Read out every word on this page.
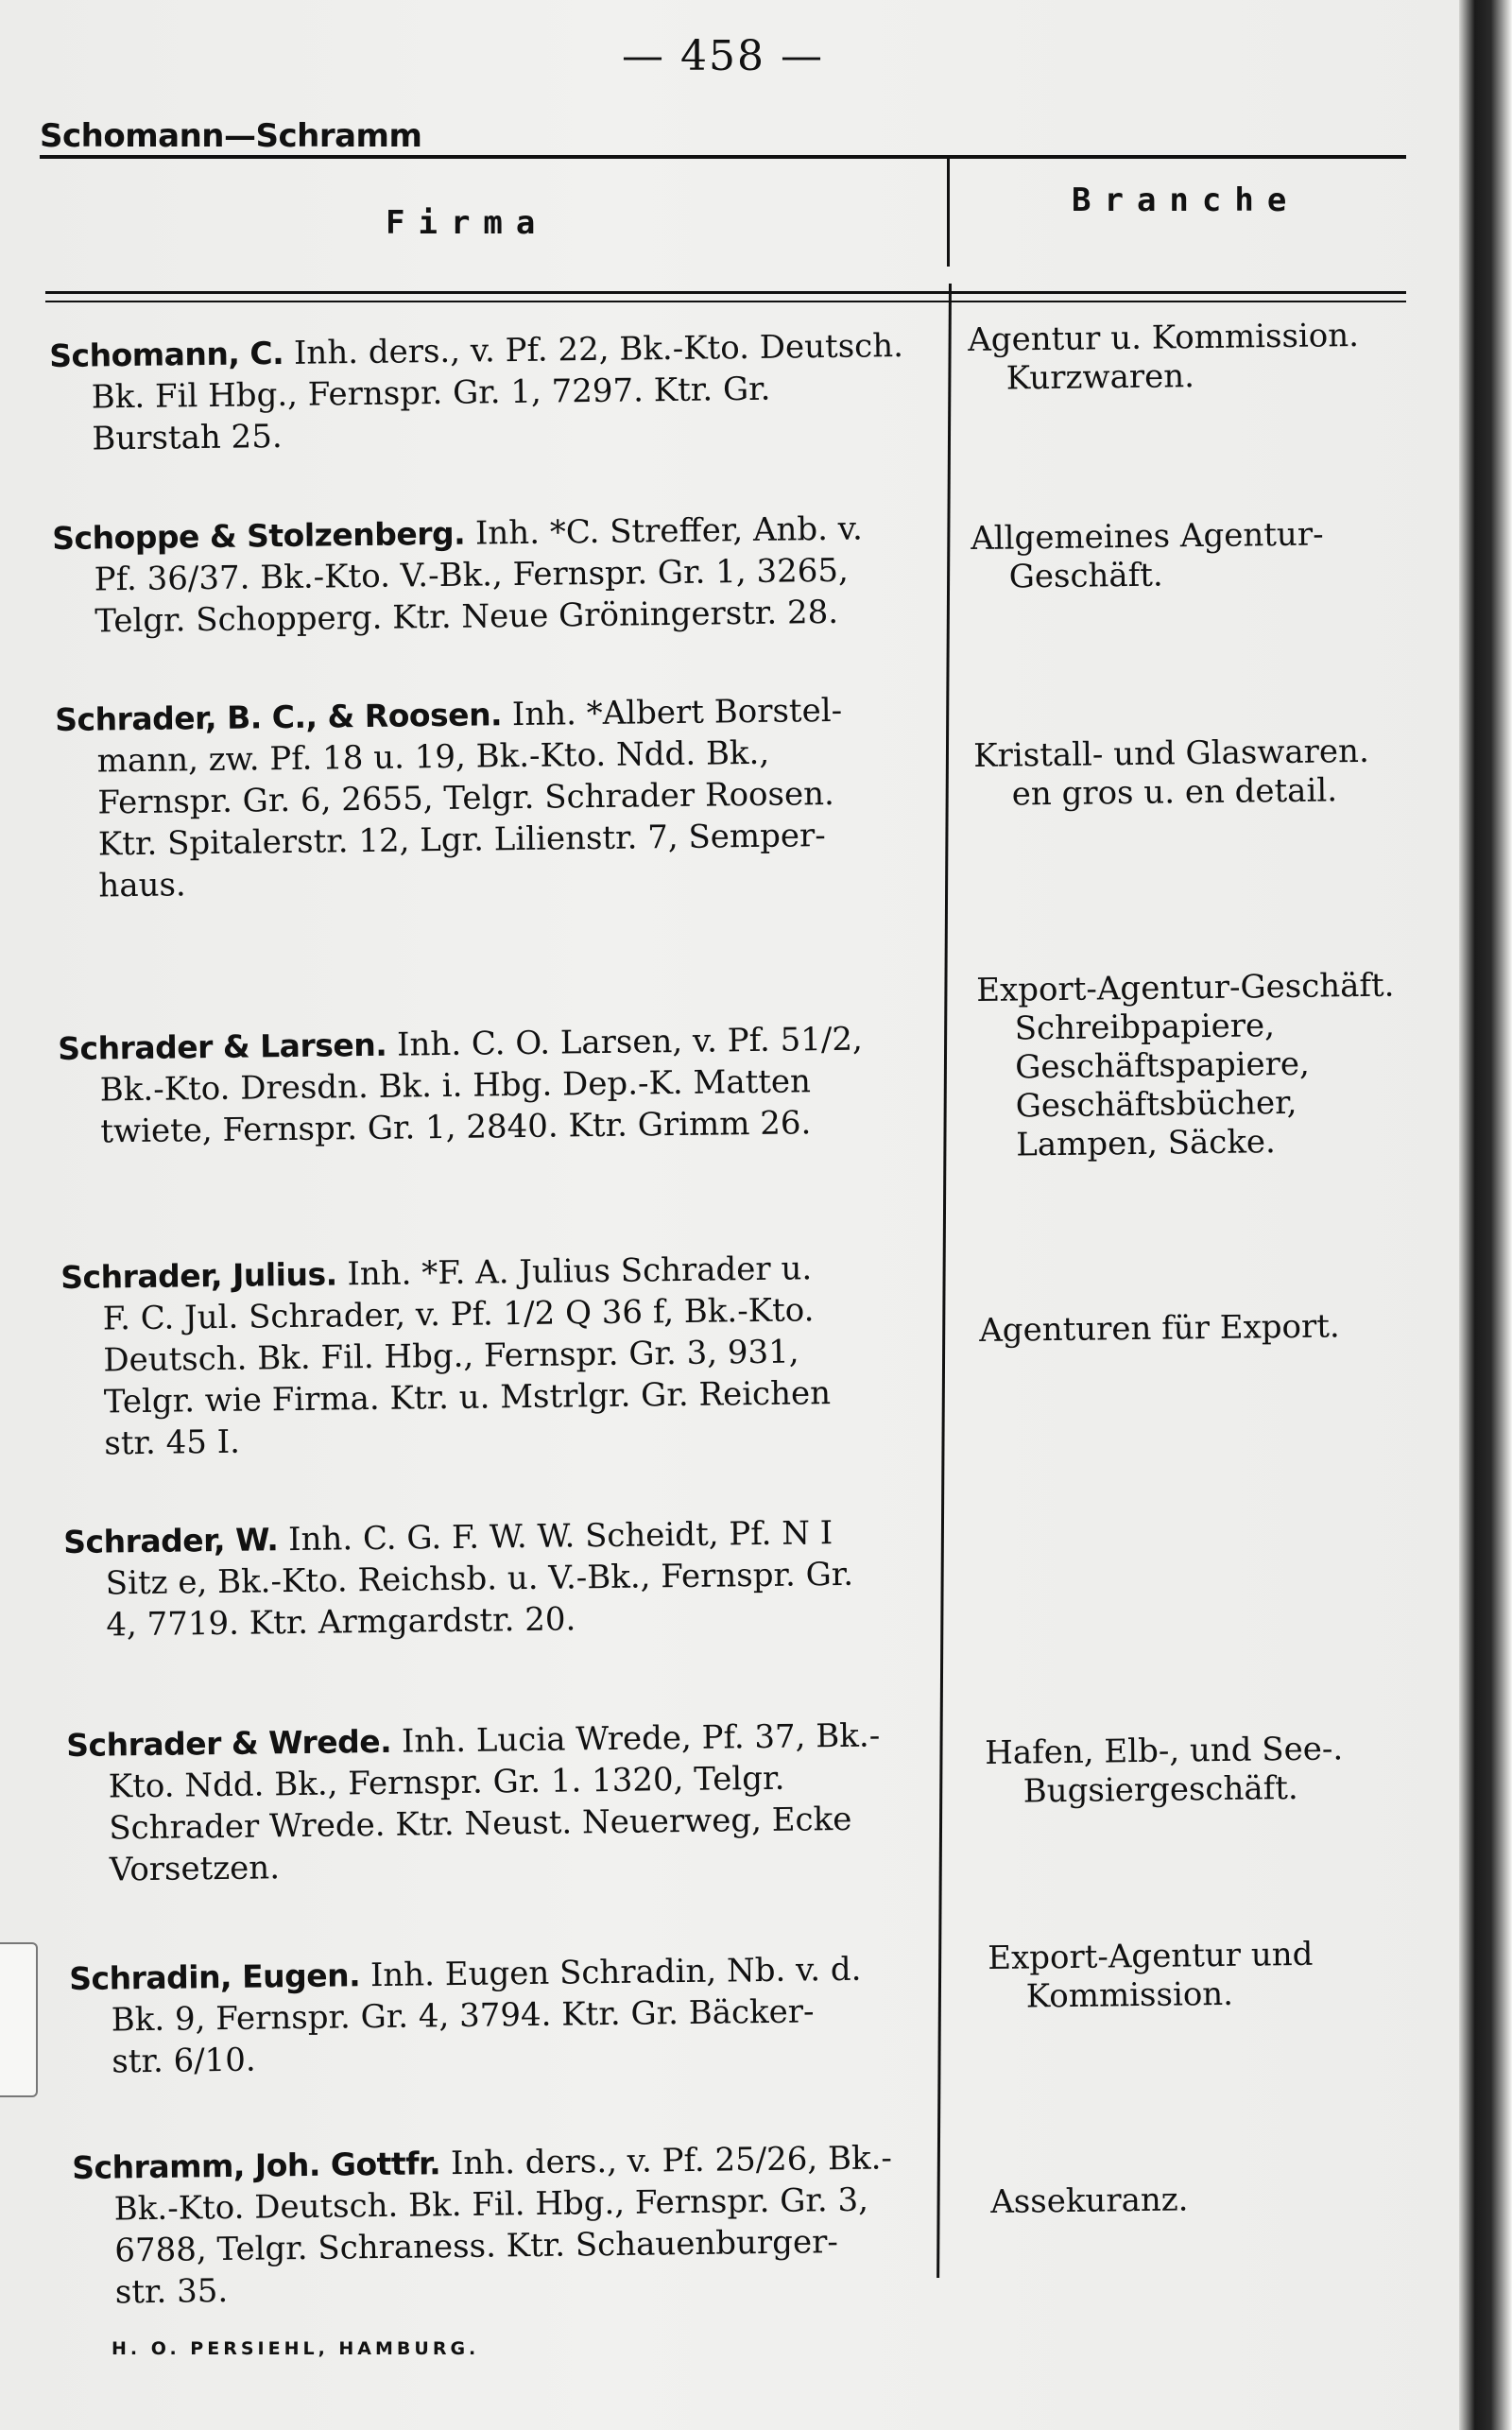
— 458 —
Schomann—Schramm
Firma
Branche
Schomann, C. Inh. ders., v. Pf. 22, Bk.-Kto. Deutsch.
Bk. Fil Hbg., Fernspr. Gr. 1, 7297. Ktr. Gr.
Burstah 25.
Agentur u. Kommission.
Kurzwaren.
Schoppe & Stolzenberg. Inh. *C. Streffer, Anb. v.
Pf. 36/37. Bk.-Kto. V.-Bk., Fernspr. Gr. 1, 3265,
Telgr. Schopperg. Ktr. Neue Gröningerstr. 28.
Allgemeines Agentur-
Geschäft.
Schrader, B. C., & Roosen. Inh. *Albert Borstel-
mann, zw. Pf. 18 u. 19, Bk.-Kto. Ndd. Bk.,
Fernspr. Gr. 6, 2655, Telgr. Schrader Roosen.
Ktr. Spitalerstr. 12, Lgr. Lilienstr. 7, Semper-
haus.
Kristall- und Glaswaren.
en gros u. en detail.
Schrader & Larsen. Inh. C. O. Larsen, v. Pf. 51/2,
Bk.-Kto. Dresdn. Bk. i. Hbg. Dep.-K. Matten
twiete, Fernspr. Gr. 1, 2840. Ktr. Grimm 26.
Export-Agentur-Geschäft.
Schreibpapiere,
Geschäftspapiere,
Geschäftsbücher,
Lampen, Säcke.
Schrader, Julius. Inh. *F. A. Julius Schrader u.
F. C. Jul. Schrader, v. Pf. 1/2 Q 36 f, Bk.-Kto.
Deutsch. Bk. Fil. Hbg., Fernspr. Gr. 3, 931,
Telgr. wie Firma. Ktr. u. Mstrlgr. Gr. Reichen
str. 45 I.
Agenturen für Export.
Schrader, W. Inh. C. G. F. W. W. Scheidt, Pf. N I
Sitz e, Bk.-Kto. Reichsb. u. V.-Bk., Fernspr. Gr.
4, 7719. Ktr. Armgardstr. 20.
Schrader & Wrede. Inh. Lucia Wrede, Pf. 37, Bk.-
Kto. Ndd. Bk., Fernspr. Gr. 1. 1320, Telgr.
Schrader Wrede. Ktr. Neust. Neuerweg, Ecke
Vorsetzen.
Hafen, Elb-, und See-.
Bugsiergeschäft.
Schradin, Eugen. Inh. Eugen Schradin, Nb. v. d.
Bk. 9, Fernspr. Gr. 4, 3794. Ktr. Gr. Bäcker-
str. 6/10.
Export-Agentur und
Kommission.
Schramm, Joh. Gottfr. Inh. ders., v. Pf. 25/26, Bk.-
Bk.-Kto. Deutsch. Bk. Fil. Hbg., Fernspr. Gr. 3,
6788, Telgr. Schraness. Ktr. Schauenburger-
str. 35.
Assekuranz.
H. O. PERSIEHL, HAMBURG.
